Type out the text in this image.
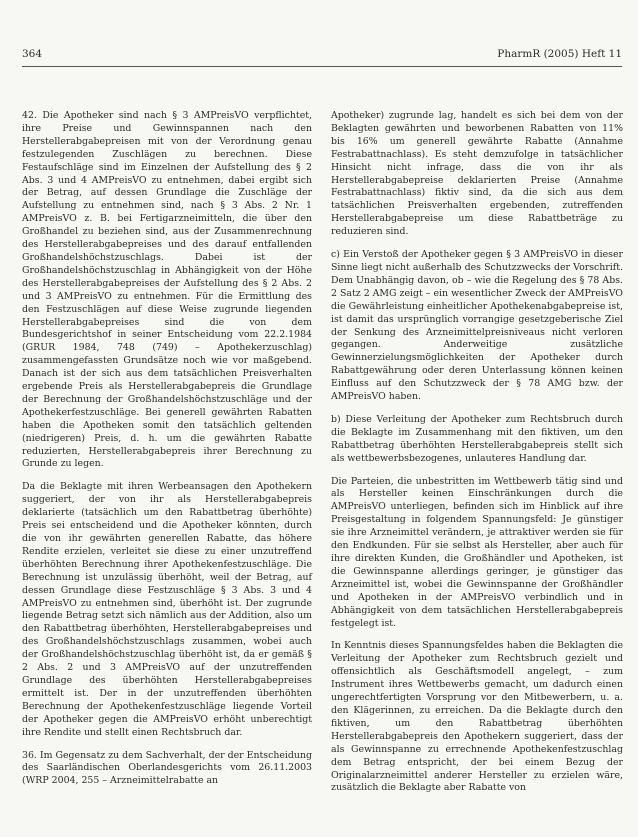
364	PharmR (2005) Heft 11

42. Die Apotheker sind nach § 3 AMPreisVO verpflichtet, ihre Preise und Gewinnspannen nach den Herstellerabgabepreisen mit von der Verordnung genau festzulegenden Zuschlägen zu berechnen. Diese Festaufschläge sind im Einzelnen der Aufstellung des § 2 Abs. 3 und 4 AMPreisVO zu entnehmen, dabei ergibt sich der Betrag, auf dessen Grundlage die Zuschläge der Aufstellung zu entnehmen sind, nach § 3 Abs. 2 Nr. 1 AMPreisVO z. B. bei Fertigarzneimitteln, die über den Großhandel zu beziehen sind, aus der Zusammenrechnung des Herstellerabgabepreises und des darauf entfallenden Großhandelshöchstzuschlags. Dabei ist der Großhandelshöchstzuschlag in Abhängigkeit von der Höhe des Herstellerabgabepreises der Aufstellung des § 2 Abs. 2 und 3 AMPreisVO zu entnehmen. Für die Ermittlung des den Festzuschlägen auf diese Weise zugrunde liegenden Herstellerabgabepreises sind die von dem Bundesgerichtshof in seiner Entscheidung vom 22.2.1984 (GRUR 1984, 748 (749) – Apothekerzuschlag) zusammengefassten Grundsätze noch wie vor maßgebend. Danach ist der sich aus dem tatsächlichen Preisverhalten ergebende Preis als Herstellerabgabepreis die Grundlage der Berechnung der Großhandelshöchstzuschläge und der Apothekerfestzuschläge. Bei generell gewährten Rabatten haben die Apotheken somit den tatsächlich geltenden (niedrigeren) Preis, d. h. um die gewährten Rabatte reduzierten, Herstellerabgabepreis ihrer Berechnung zu Grunde zu legen.

Da die Beklagte mit ihren Werbeansagen den Apothekern suggeriert, der von ihr als Herstellerabgabepreis deklarierte (tatsächlich um den Rabattbetrag überhöhte) Preis sei entscheidend und die Apotheker könnten, durch die von ihr gewährten generellen Rabatte, das höhere Rendite erzielen, verleitet sie diese zu einer unzutreffend überhöhten Berechnung ihrer Apothekenfestzuschläge. Die Berechnung ist unzulässig überhöht, weil der Betrag, auf dessen Grundlage diese Festzuschläge § 3 Abs. 3 und 4 AMPreisVO zu entnehmen sind, überhöht ist. Der zugrunde liegende Betrag setzt sich nämlich aus der Addition, also um den Rabattbetrag überhöhten, Herstellerabgabepreises und des Großhandelshöchstzuschlags zusammen, wobei auch der Großhandelshöchstzuschlag überhöht ist, da er gemäß § 2 Abs. 2 und 3 AMPreisVO auf der unzutreffenden Grundlage des überhöhten Herstellerabgabepreises ermittelt ist. Der in der unzutreffenden überhöhten Berechnung der Apothekenfestzuschläge liegende Vorteil der Apotheker gegen die AMPreisVO erhöht unberechtigt ihre Rendite und stellt einen Rechtsbruch dar.

36. Im Gegensatz zu dem Sachverhalt, der der Entscheidung des Saarländischen Oberlandesgerichts vom 26.11.2003 (WRP 2004, 255 – Arzneimittelrabatte an

Apotheker) zugrunde lag, handelt es sich bei dem von der Beklagten gewährten und beworbenen Rabatten von 11% bis 16% um generell gewährte Rabatte (Annahme Festrabattnachlass). Es steht demzufolge in tatsächlicher Hinsicht nicht infrage, dass die von ihr als Herstellerabgabepreise deklarierten Preise (Annahme Festrabattnachlass) fiktiv sind, da die sich aus dem tatsächlichen Preisverhalten ergebenden, zutreffenden Herstellerabgabepreise um diese Rabattbeträge zu reduzieren sind.

c) Ein Verstoß der Apotheker gegen § 3 AMPreisVO in dieser Sinne liegt nicht außerhalb des Schutzzwecks der Vorschrift. Dem Unabhängig davon, ob – wie die Regelung des § 78 Abs. 2 Satz 2 AMG zeigt – ein wesentlicher Zweck der AMPreisVO die Gewährleistung einheitlicher Apothekenabgabepreise ist, ist damit das ursprünglich vorrangige gesetzgeberische Ziel der Senkung des Arzneimittelpreisniveaus nicht verloren gegangen. Anderweitige zusätzliche Gewinnerzielungsmöglichkeiten der Apotheker durch Rabattgewährung oder deren Unterlassung können keinen Einfluss auf den Schutzzweck der § 78 AMG bzw. der AMPreisVO haben.

b) Diese Verleitung der Apotheker zum Rechtsbruch durch die Beklagte im Zusammenhang mit den fiktiven, um den Rabattbetrag überhöhten Herstellerabgabepreis stellt sich als wettbewerbsbezogenes, unlauteres Handlung dar.

Die Parteien, die unbestritten im Wettbewerb tätig sind und als Hersteller keinen Einschränkungen durch die AMPreisVO unterliegen, befinden sich im Hinblick auf ihre Preisgestaltung in folgendem Spannungsfeld: Je günstiger sie ihre Arzneimittel verändern, je attraktiver werden sie für den Endkunden. Für sie selbst als Hersteller, aber auch für ihre direkten Kunden, die Großhändler und Apotheken, ist die Gewinnspanne allerdings geringer, je günstiger das Arzneimittel ist, wobei die Gewinnspanne der Großhändler und Apotheken in der AMPreisVO verbindlich und in Abhängigkeit von dem tatsächlichen Herstellerabgabepreis festgelegt ist.

In Kenntnis dieses Spannungsfeldes haben die Beklagten die Verleitung der Apotheker zum Rechtsbruch gezielt und offensichtlich als Geschäftsmodell angelegt, – zum Instrument ihres Wettbewerbs gemacht, um dadurch einen ungerechtfertigten Vorsprung vor den Mitbewerbern, u. a. den Klägerinnen, zu erreichen. Da die Beklagte durch den fiktiven, um den Rabattbetrag überhöhten Herstellerabgabepreis den Apothekern suggeriert, dass der als Gewinnspanne zu errechnende Apothekenfestzuschlag dem Betrag entspricht, der bei einem Bezug der Originalarzneimittel anderer Hersteller zu erzielen wäre, zusätzlich die Beklagte aber Rabatte von
